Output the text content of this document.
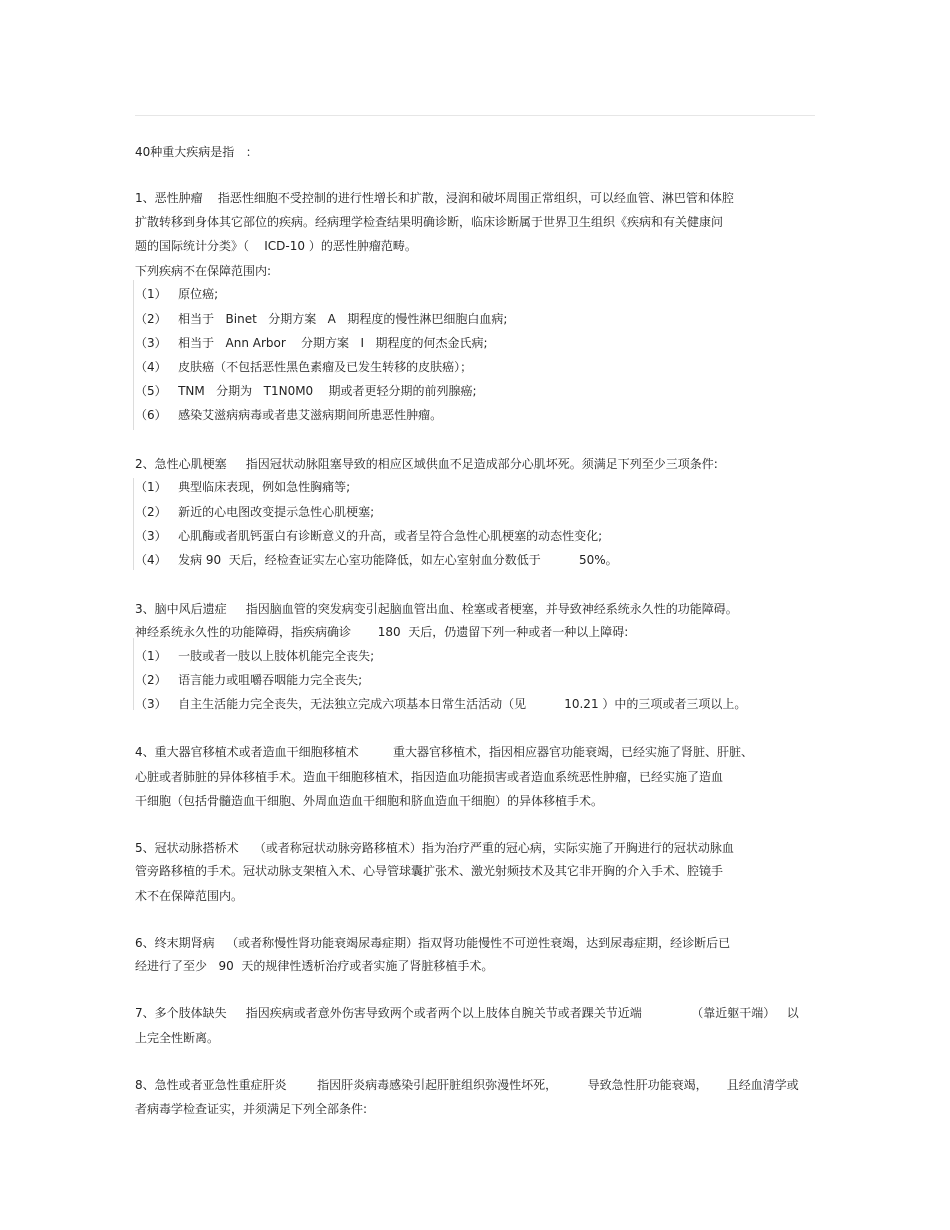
40种重大疾病是指   ：
1、恶性肿瘤    指恶性细胞不受控制的进行性增长和扩散，浸润和破坏周围正常组织，可以经血管、淋巴管和体腔
扩散转移到身体其它部位的疾病。经病理学检查结果明确诊断，临床诊断属于世界卫生组织《疾病和有关健康问
题的国际统计分类》（    ICD-10 ）的恶性肿瘤范畴。
下列疾病不在保障范围内:
（1）   原位癌;
（2）   相当于   Binet   分期方案   A   期程度的慢性淋巴细胞白血病;
（3）   相当于   Ann Arbor    分期方案   I   期程度的何杰金氏病;
（4）   皮肤癌（不包括恶性黑色素瘤及已发生转移的皮肤癌）；
（5）   TNM   分期为   T1N0M0    期或者更轻分期的前列腺癌;
（6）   感染艾滋病病毒或者患艾滋病期间所患恶性肿瘤。
2、急性心肌梗塞     指因冠状动脉阻塞导致的相应区域供血不足造成部分心肌坏死。须满足下列至少三项条件:
（1）   典型临床表现，例如急性胸痛等;
（2）   新近的心电图改变提示急性心肌梗塞;
（3）   心肌酶或者肌钙蛋白有诊断意义的升高，或者呈符合急性心肌梗塞的动态性变化;
（4）   发病 90  天后，经检查证实左心室功能降低，如左心室射血分数低于          50%。
3、脑中风后遗症     指因脑血管的突发病变引起脑血管出血、栓塞或者梗塞，并导致神经系统永久性的功能障碍。
神经系统永久性的功能障碍，指疾病确诊       180  天后，仍遗留下列一种或者一种以上障碍:
（1）   一肢或者一肢以上肢体机能完全丧失;
（2）   语言能力或咀嚼吞咽能力完全丧失;
（3）   自主生活能力完全丧失，无法独立完成六项基本日常生活活动（见          10.21 ）中的三项或者三项以上。
4、重大器官移植术或者造血干细胞移植术         重大器官移植术，指因相应器官功能衰竭，已经实施了肾脏、肝脏、
心脏或者肺脏的异体移植手术。造血干细胞移植术，指因造血功能损害或者造血系统恶性肿瘤，已经实施了造血
干细胞（包括骨髓造血干细胞、外周血造血干细胞和脐血造血干细胞）的异体移植手术。
5、冠状动脉搭桥术    （或者称冠状动脉旁路移植术）指为治疗严重的冠心病，实际实施了开胸进行的冠状动脉血
管旁路移植的手术。冠状动脉支架植入术、心导管球囊扩张术、激光射频技术及其它非开胸的介入手术、腔镜手
术不在保障范围内。
6、终末期肾病   （或者称慢性肾功能衰竭尿毒症期）指双肾功能慢性不可逆性衰竭，达到尿毒症期，经诊断后已
经进行了至少   90  天的规律性透析治疗或者实施了肾脏移植手术。
7、多个肢体缺失     指因疾病或者意外伤害导致两个或者两个以上肢体自腕关节或者踝关节近端             （靠近躯干端）   以
上完全性断离。
8、急性或者亚急性重症肝炎        指因肝炎病毒感染引起肝脏组织弥漫性坏死，        导致急性肝功能衰竭，     且经血清学或
者病毒学检查证实，并须满足下列全部条件:
